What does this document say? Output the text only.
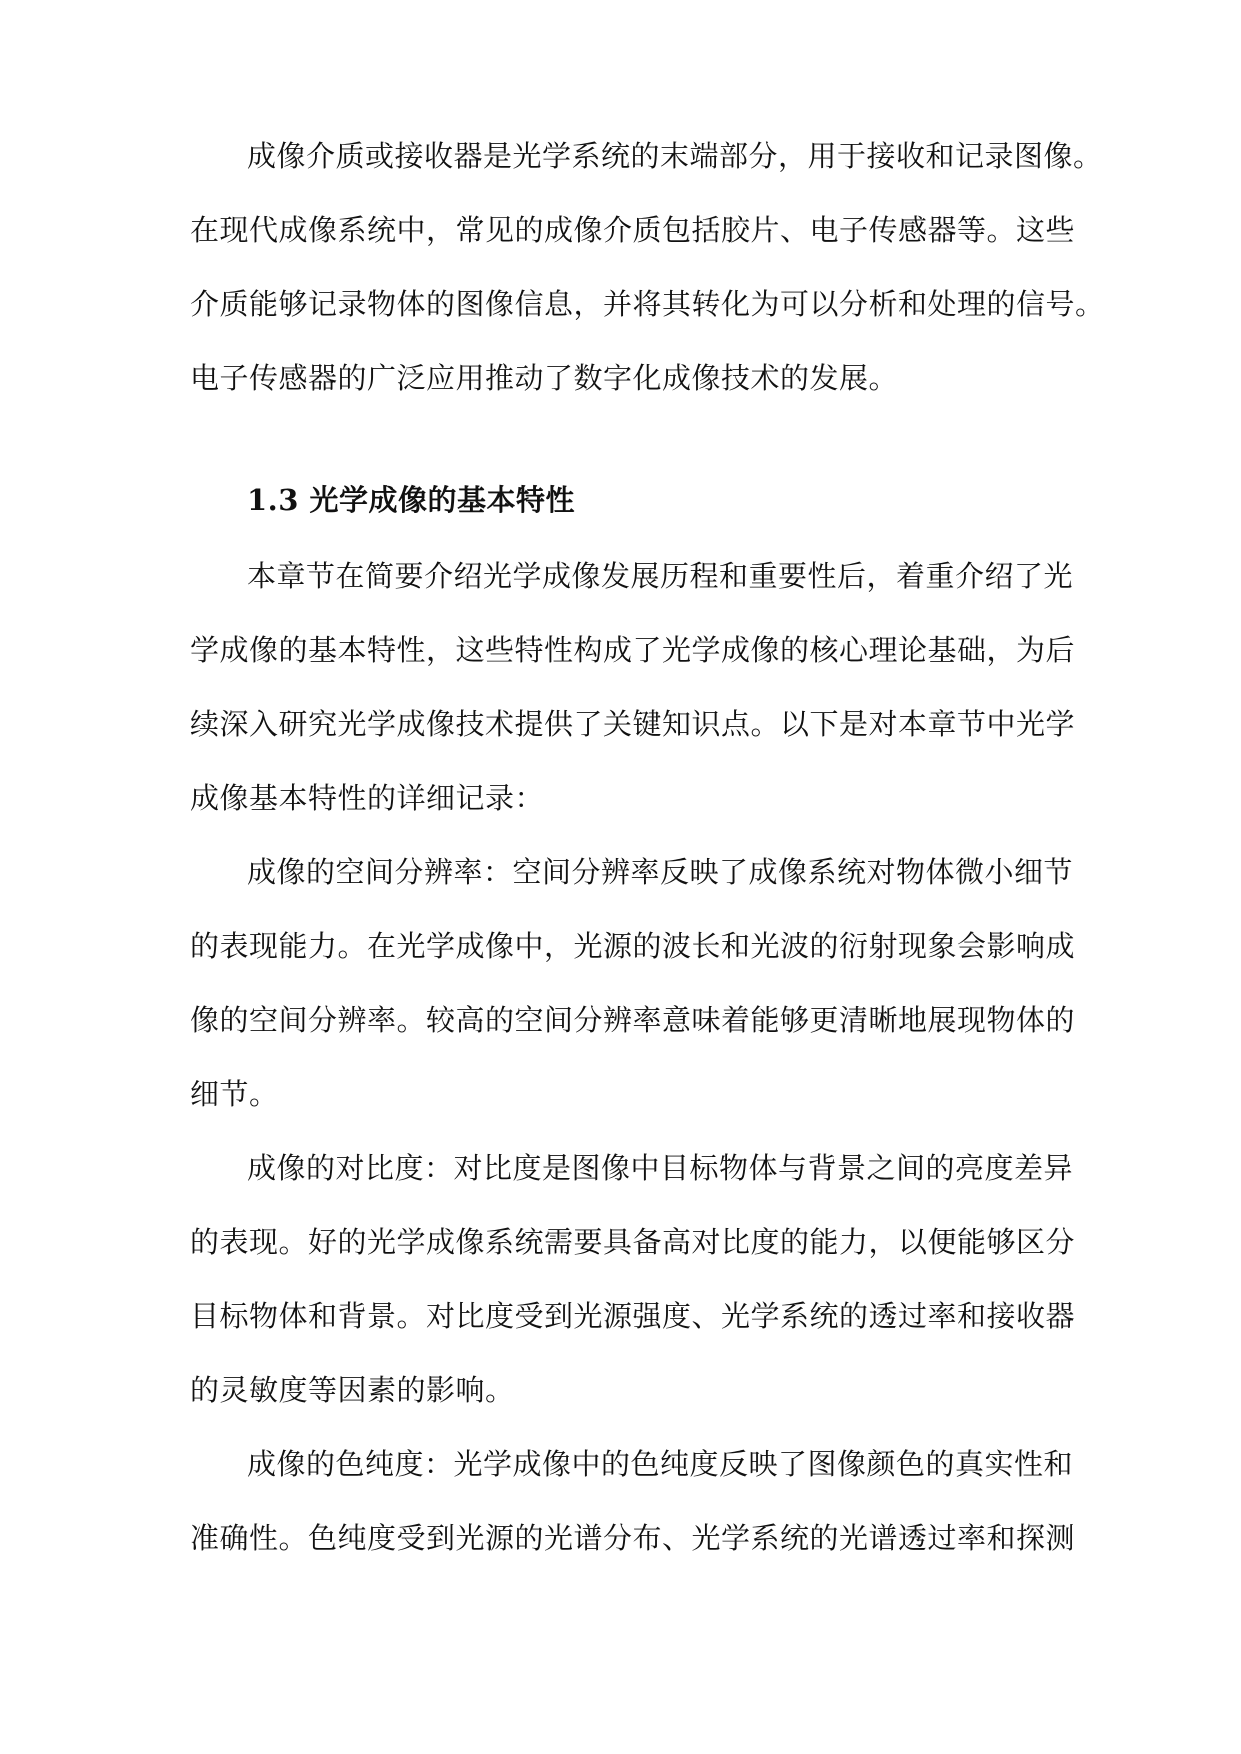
成像介质或接收器是光学系统的末端部分，用于接收和记录图像。

在现代成像系统中，常见的成像介质包括胶片、电子传感器等。这些

介质能够记录物体的图像信息，并将其转化为可以分析和处理的信号。

电子传感器的广泛应用推动了数字化成像技术的发展。

1.3 光学成像的基本特性

本章节在简要介绍光学成像发展历程和重要性后，着重介绍了光

学成像的基本特性，这些特性构成了光学成像的核心理论基础，为后

续深入研究光学成像技术提供了关键知识点。以下是对本章节中光学

成像基本特性的详细记录：

成像的空间分辨率：空间分辨率反映了成像系统对物体微小细节

的表现能力。在光学成像中，光源的波长和光波的衍射现象会影响成

像的空间分辨率。较高的空间分辨率意味着能够更清晰地展现物体的

细节。

成像的对比度：对比度是图像中目标物体与背景之间的亮度差异

的表现。好的光学成像系统需要具备高对比度的能力，以便能够区分

目标物体和背景。对比度受到光源强度、光学系统的透过率和接收器

的灵敏度等因素的影响。

成像的色纯度：光学成像中的色纯度反映了图像颜色的真实性和

准确性。色纯度受到光源的光谱分布、光学系统的光谱透过率和探测
